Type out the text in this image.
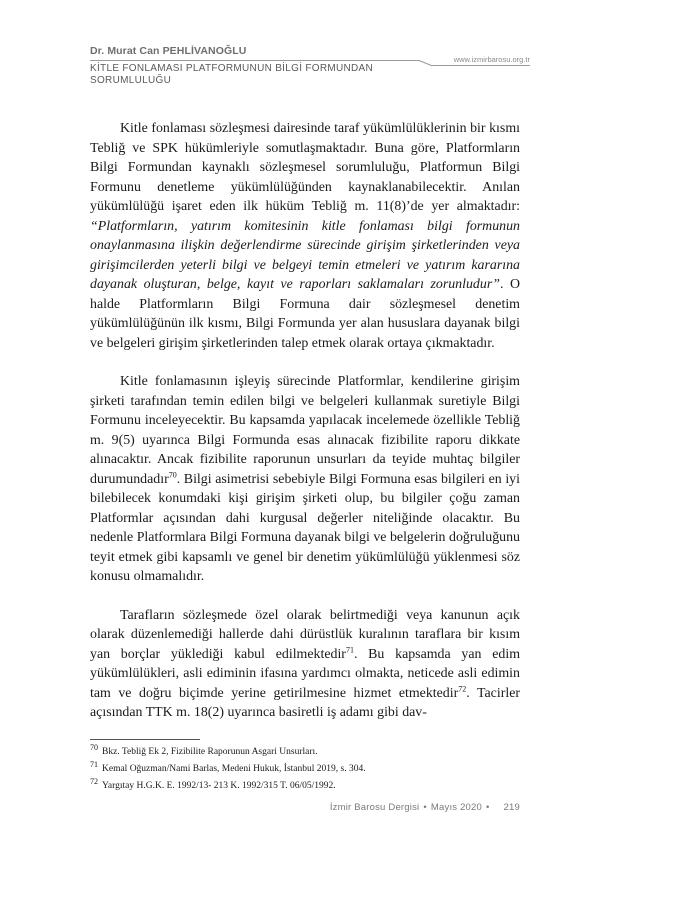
Dr. Murat Can PEHLİVANOĞLU
www.izmirbarosu.org.tr
KİTLE FONLAMASI PLATFORMUNUN BİLGİ FORMUNDAN
SORUMLULUĞU

Kitle fonlaması sözleşmesi dairesinde taraf yükümlülüklerinin bir kısmı Tebliğ ve SPK hükümleriyle somutlaşmaktadır. Buna göre, Platformların Bilgi Formundan kaynaklı sözleşmesel sorumluluğu, Platformun Bilgi Formunu denetleme yükümlülüğünden kaynaklanabilecektir. Anılan yükümlülüğü işaret eden ilk hüküm Tebliğ m. 11(8)’de yer almaktadır: “Platformların, yatırım komitesinin kitle fonlaması bilgi formunun onaylanmasına ilişkin değerlendirme sürecinde girişim şirketlerinden veya girişimcilerden yeterli bilgi ve belgeyi temin etmeleri ve yatırım kararına dayanak oluşturan, belge, kayıt ve raporları saklamaları zorunludur”. O halde Platformların Bilgi Formuna dair sözleşmesel denetim yükümlülüğünün ilk kısmı, Bilgi Formunda yer alan hususlara dayanak bilgi ve belgeleri girişim şirketlerinden talep etmek olarak ortaya çıkmaktadır.

Kitle fonlamasının işleyiş sürecinde Platformlar, kendilerine girişim şirketi tarafından temin edilen bilgi ve belgeleri kullanmak suretiyle Bilgi Formunu inceleyecektir. Bu kapsamda yapılacak incelemede özellikle Tebliğ m. 9(5) uyarınca Bilgi Formunda esas alınacak fizibilite raporu dikkate alınacaktır. Ancak fizibilite raporunun unsurları da teyide muhtaç bilgiler durumundadır$^{70}$. Bilgi asimetrisi sebebiyle Bilgi Formuna esas bilgileri en iyi bilebilecek konumdaki kişi girişim şirketi olup, bu bilgiler çoğu zaman Platformlar açısından dahi kurgusal değerler niteliğinde olacaktır. Bu nedenle Platformlara Bilgi Formuna dayanak bilgi ve belgelerin doğruluğunu teyit etmek gibi kapsamlı ve genel bir denetim yükümlülüğü yüklenmesi söz konusu olmamalıdır.

Tarafların sözleşmede özel olarak belirtmediği veya kanunun açık olarak düzenlemediği hallerde dahi dürüstlük kuralının taraflara bir kısım yan borçlar yüklediği kabul edilmektedir$^{71}$. Bu kapsamda yan edim yükümlülükleri, asli ediminin ifasına yardımcı olmakta, neticede asli edimin tam ve doğru biçimde yerine getirilmesine hizmet etmektedir$^{72}$. Tacirler açısından TTK m. 18(2) uyarınca basiretli iş adamı gibi dav-

$^{70}$ Bkz. Tebliğ Ek 2, Fizibilite Raporunun Asgari Unsurları.

$^{71}$ Kemal Oğuzman/Nami Barlas, Medeni Hukuk, İstanbul 2019, s. 304.

$^{72}$ Yargıtay H.G.K. E. 1992/13- 213 K. 1992/315 T. 06/05/1992.

İzmir Barosu Dergisi • Mayıs 2020 • 219
